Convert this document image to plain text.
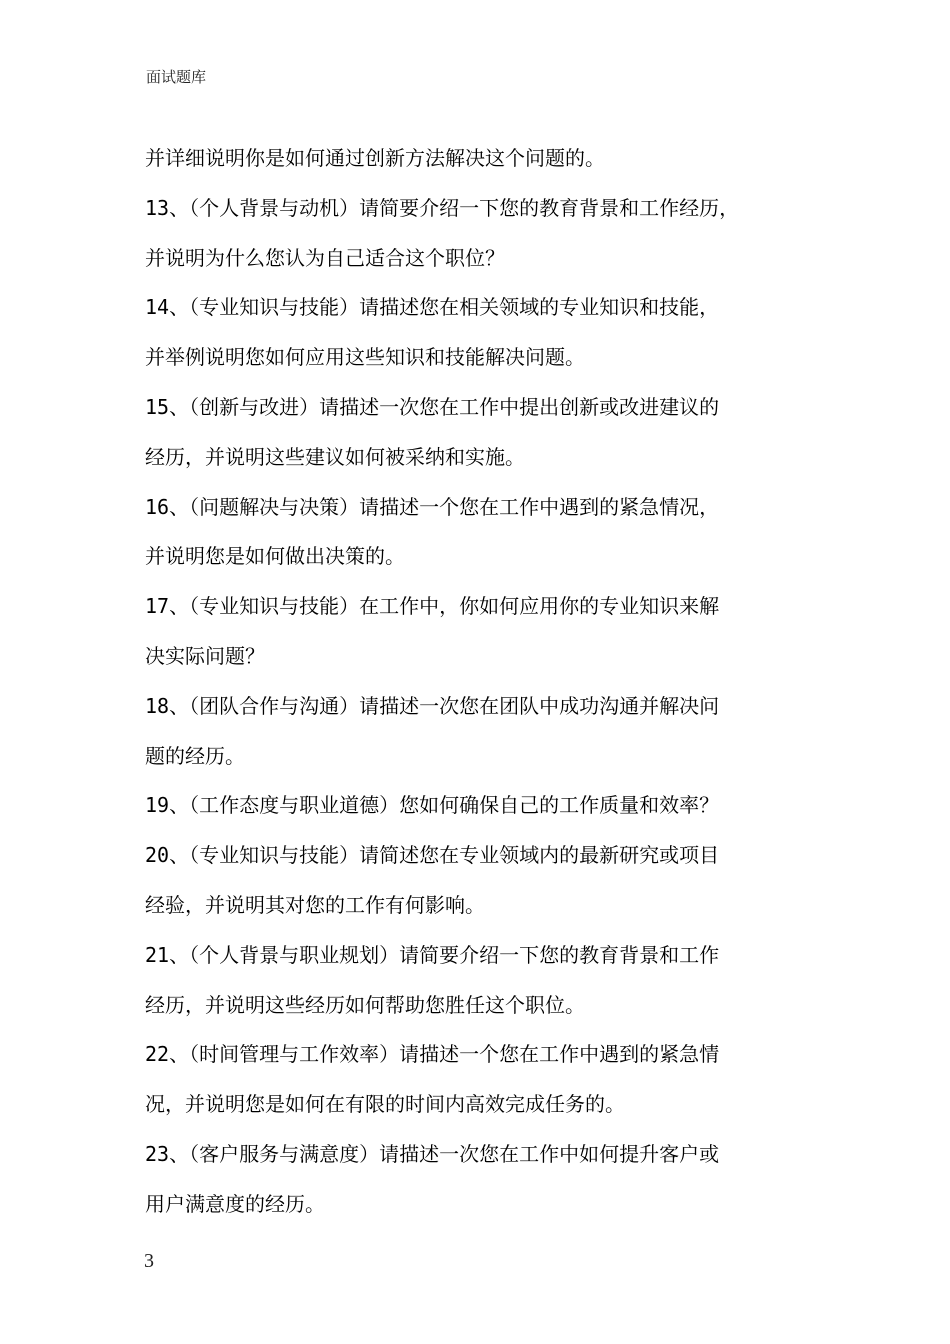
面试题库
并详细说明你是如何通过创新方法解决这个问题的。
13、（个人背景与动机）请简要介绍一下您的教育背景和工作经历，
并说明为什么您认为自己适合这个职位？
14、（专业知识与技能）请描述您在相关领域的专业知识和技能，
并举例说明您如何应用这些知识和技能解决问题。
15、（创新与改进）请描述一次您在工作中提出创新或改进建议的
经历，并说明这些建议如何被采纳和实施。
16、（问题解决与决策）请描述一个您在工作中遇到的紧急情况，
并说明您是如何做出决策的。
17、（专业知识与技能）在工作中，你如何应用你的专业知识来解
决实际问题？
18、（团队合作与沟通）请描述一次您在团队中成功沟通并解决问
题的经历。
19、（工作态度与职业道德）您如何确保自己的工作质量和效率？
20、（专业知识与技能）请简述您在专业领域内的最新研究或项目
经验，并说明其对您的工作有何影响。
21、（个人背景与职业规划）请简要介绍一下您的教育背景和工作
经历，并说明这些经历如何帮助您胜任这个职位。
22、（时间管理与工作效率）请描述一个您在工作中遇到的紧急情
况，并说明您是如何在有限的时间内高效完成任务的。
23、（客户服务与满意度）请描述一次您在工作中如何提升客户或
用户满意度的经历。
3
